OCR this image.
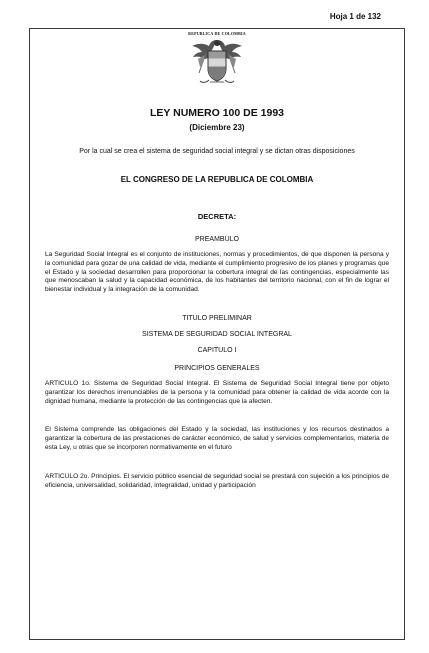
Hoja 1 de 132
REPUBLICA DE COLOMBIA
LEY NUMERO 100 DE 1993
(Diciembre 23)
Por la cual se crea el sistema de seguridad social integral y se dictan otras disposiciones
EL CONGRESO DE LA REPUBLICA DE COLOMBIA
DECRETA:
PREAMBULO
La Seguridad Social Integral es el conjunto de instituciones, normas y procedimientos, de que disponen la persona y la comunidad para gozar de una calidad de vida, mediante el cumplimiento progresivo de los planes y programas que el Estado y la sociedad desarrollen para proporcionar la cobertura integral de las contingencias, especialmente las que menoscaban la salud y la capacidad económica, de los habitantes del territorio nacional, con el fin de lograr el bienestar individual y la integración de la comunidad.
TITULO PRELIMINAR
SISTEMA DE SEGURIDAD SOCIAL INTEGRAL
CAPITULO I
PRINCIPIOS GENERALES
ARTICULO 1o. Sistema de Seguridad Social Integral. El Sistema de Seguridad Social Integral tiene por objeto garantizar los derechos irrenunciables de la persona y la comunidad para obtener la calidad de vida acorde con la dignidad humana, mediante la protección de las contingencias que la afecten.
El Sistema comprende las obligaciones del Estado y la sociedad, las instituciones y los recursos destinados a garantizar la cobertura de las prestaciones de carácter económico, de salud y servicios complementarios, materia de esta Ley, u otras que se incorporen normativamente en el futuro
ARTICULO 2o. Principios. El servicio público esencial de seguridad social se prestará con sujeción a los principios de eficiencia, universalidad, solidaridad, integralidad, unidad y participación
